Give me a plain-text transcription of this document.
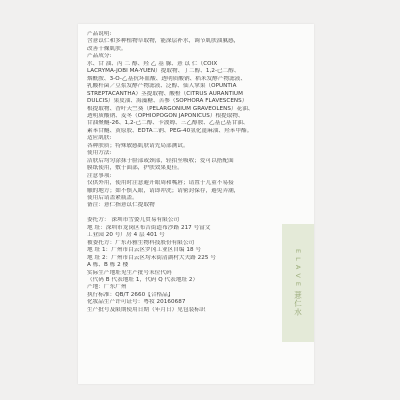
产品说明:
含薏苡仁和多种植物草取物，能深层补水，调节肌肤油腻感，
改善干燥肌肤。
产品成分:
水、甘 油、丙 二 醇、羟 乙 基 脲、薏 苡 仁（COIX
LACRYMA-JOBI MA-YUEN）提取物、丁二醇、1,2-己二醇、
烟酰胺、3-O-乙基抗坏血酸、透明质酸钠、稻米发酵产物滤液、
乳酸杆菌／豆浆发酵产物滤液、泛醇、仙人掌果（OPUNTIA
STREPTACANTHA）茎提取物、酸橙（CITRUS AURANTIUM
DULCIS）果皮油、海藻糖、苦参（SOPHORA FLAVESCENS）
根提取物、香叶天竺葵（PELARGONIUM GRAVEOLENS）花油、
透明质酸钠、麦冬（OPHIOPOGON JAPONICUS）根提取物、
甘油聚醚-26、1,2-己二醇、卡波姆、三乙醇胺、乙基己基甘油、
素苯甘醚、黄原胶、EDTA二钠、PEG-40氢化蓖麻油、羟苯甲酯。
适应肌肤:
各种肤质；特殊敏感肌肤请先局部测试。
使用方法:
洁肤后均匀涂抹于脸部或颈部，轻拍至吸收；爱可以搭配面
膜纸使用，敷于面部，护肤效果更佳。
注意事项:
仅供外用，使用时注意避开眼周和嘴唇；请置于儿童不易接
触的地方；如不慎入眼，请即冲洗；请密封保存，避免弄潮，
使用后请盖紧瓶盖。
备注：薏仁指薏苡仁提取物

委托方： 深圳市雪姿儿贸易有限公司
地 址：深圳市龙岗区布吉街道布沙路 217 号富文
工业园 20 号厂房 4 层 401 号
被委托方：广东苏雅生物科技股份有限公司
地 址 1：广州市白云区罗冈工业区自编 18 号
地 址 2：广州市白云区均禾街清湖村大夫路 225 号
A 栋、B 栋 2 楼
实际生产地址见生产批号末位代码
（代码 B 代表地址 1，代码 Q 代表地址 2）
产地：广东广州
执行标准：QB/T 2660【合格品】
化妆品生产许可证号：粤妆 20160687
生产批号及限期使用日期（年月日）见包装标识
E L A V E
薏仁水
